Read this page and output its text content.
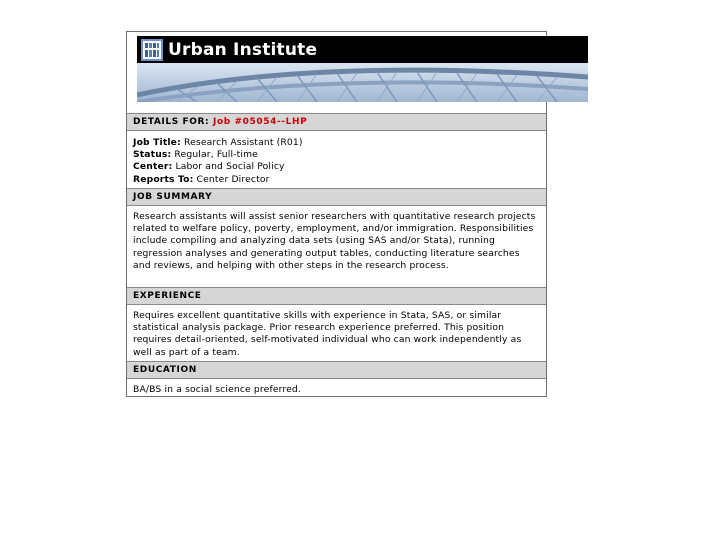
Urban Institute
DETAILS FOR: Job #05054--LHP
Job Title: Research Assistant (R01)
Status: Regular, Full-time
Center: Labor and Social Policy
Reports To: Center Director
JOB SUMMARY
Research assistants will assist senior researchers with quantitative research projects related to welfare policy, poverty, employment, and/or immigration. Responsibilities include compiling and analyzing data sets (using SAS and/or Stata), running regression analyses and generating output tables, conducting literature searches and reviews, and helping with other steps in the research process.
EXPERIENCE
Requires excellent quantitative skills with experience in Stata, SAS, or similar statistical analysis package. Prior research experience preferred. This position requires detail-oriented, self-motivated individual who can work independently as well as part of a team.
EDUCATION
BA/BS in a social science preferred.
